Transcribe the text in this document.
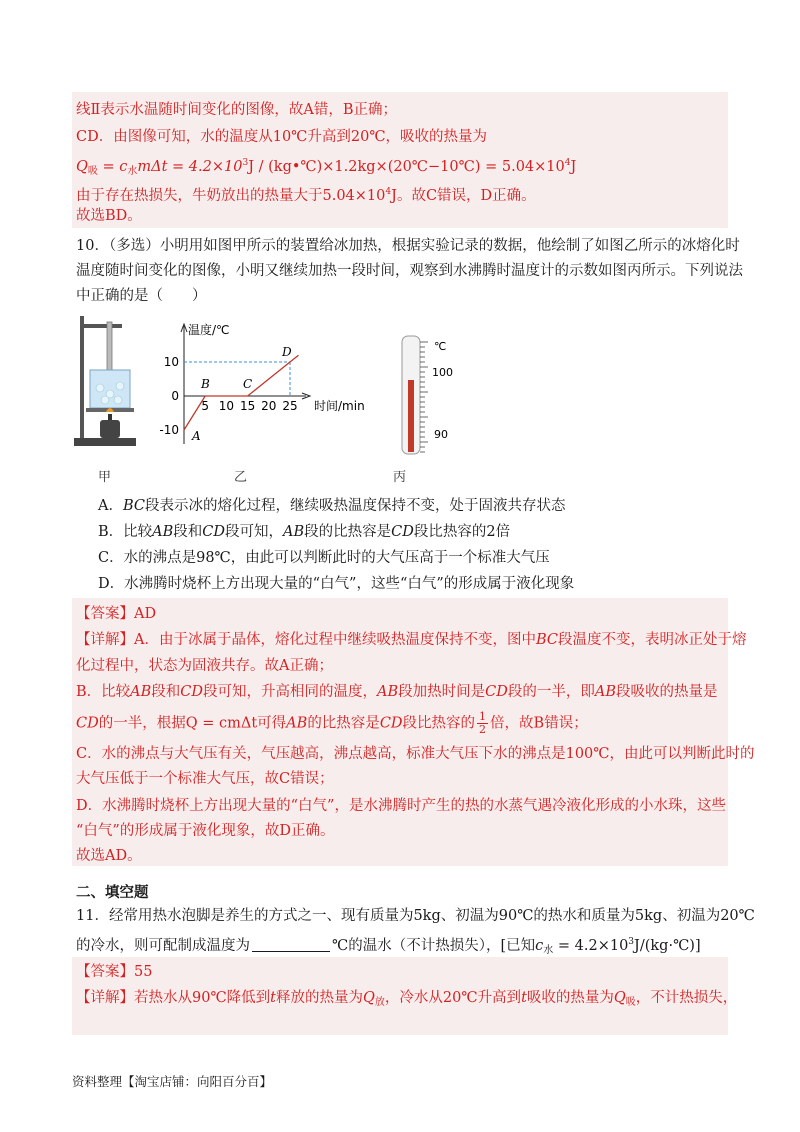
线Ⅱ表示水温随时间变化的图像，故A错，B正确；
CD．由图像可知，水的温度从10℃升高到20℃，吸收的热量为
$Q_吸 = c_水m\Delta t = 4.2\times 10^3J$ / (kg•℃)×1.2kg×(20℃−10℃) = $5.04\times 10^4J$
由于存在热损失，牛奶放出的热量大于$5.04\times 10^4J$。故C错误，D正确。
故选BD。
10．（多选）小明用如图甲所示的装置给冰加热，根据实验记录的数据，他绘制了如图乙所示的冰熔化时
温度随时间变化的图像，小明又继续加热一段时间，观察到水沸腾时温度计的示数如图丙所示。下列说法
中正确的是（　　）
温度/℃
时间/min
10
0
-10
5 10 15 20 25
A
B	C
D	℃
100
90
甲	乙	丙
A．BC段表示冰的熔化过程，继续吸热温度保持不变，处于固液共存状态
B．比较AB段和CD段可知，AB段的比热容是CD段比热容的2倍
C．水的沸点是98℃，由此可以判断此时的大气压高于一个标准大气压
D．水沸腾时烧杯上方出现大量的“白气”，这些“白气”的形成属于液化现象
【答案】AD
【详解】A．由于冰属于晶体，熔化过程中继续吸热温度保持不变，图中BC段温度不变，表明冰正处于熔
化过程中，状态为固液共存。故A正确；
B．比较AB段和CD段可知，升高相同的温度，AB段加热时间是CD段的一半，即AB段吸收的热量是
CD的一半，根据Q = cmΔt可得AB的比热容是CD段比热容的 $\frac{1}{2}$ 倍，故B错误；
C．水的沸点与大气压有关，气压越高，沸点越高，标准大气压下水的沸点是100℃，由此可以判断此时的
大气压低于一个标准大气压，故C错误；
D．水沸腾时烧杯上方出现大量的“白气”，是水沸腾时产生的热的水蒸气遇冷液化形成的小水珠，这些
“白气”的形成属于液化现象，故D正确。
故选AD。
二、填空题
11．经常用热水泡脚是养生的方式之一、现有质量为5kg、初温为90℃的热水和质量为5kg、初温为20℃
的冷水，则可配制成温度为	℃的温水（不计热损失），[已知$c_水$ = $4.2\times 10^3J/(kg\cdot℃)$]
【答案】55
【详解】若热水从90℃降低到t释放的热量为$Q_放$，冷水从20℃升高到t吸收的热量为$Q_吸$，不计热损失，
资料整理【淘宝店铺：向阳百分百】
